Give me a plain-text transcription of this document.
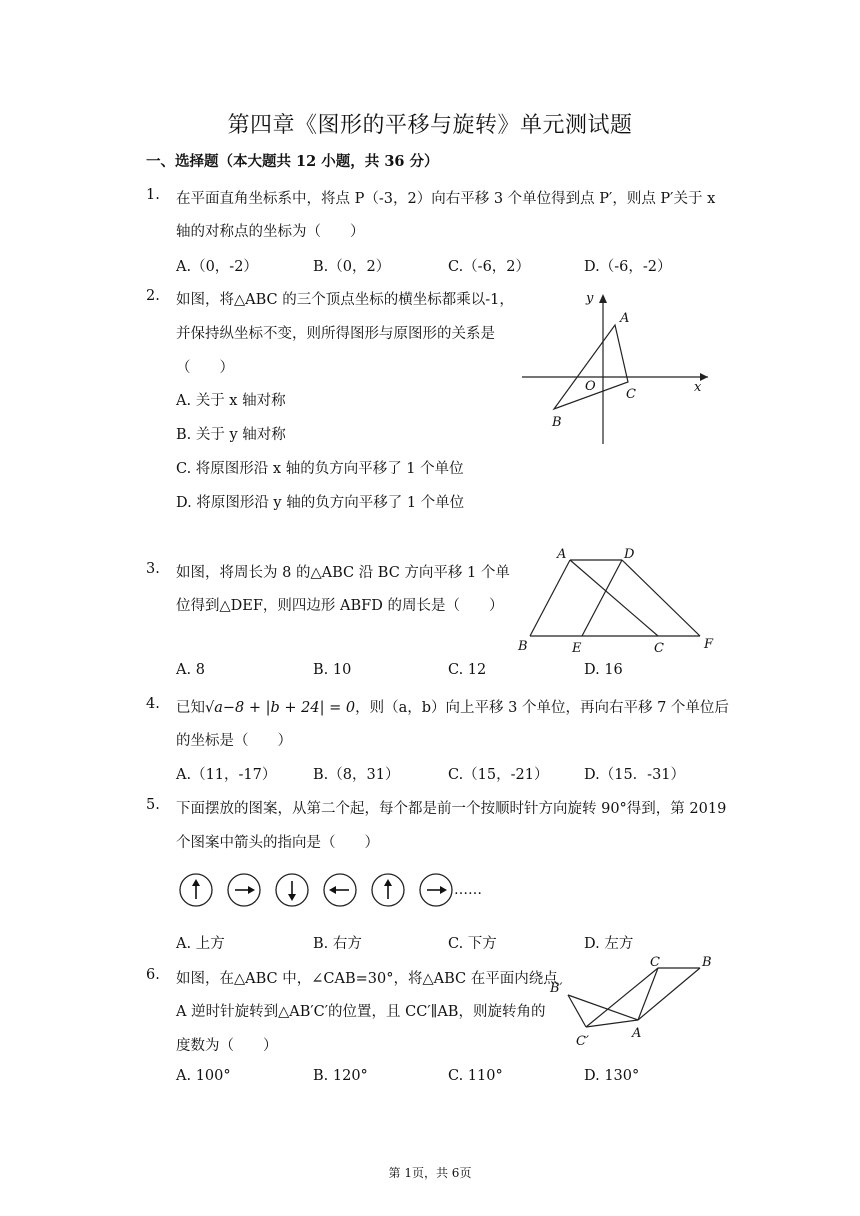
第四章《图形的平移与旋转》单元测试题
一、选择题（本大题共 12 小题，共 36 分）
1. 在平面直角坐标系中，将点 P（-3，2）向右平移 3 个单位得到点 P′，则点 P′关于 x
轴的对称点的坐标为（　　）
A.（0，-2）	B.（0，2）	C.（-6，2）	D.（-6，-2）
2. 如图，将△ABC 的三个顶点坐标的横坐标都乘以-1，
并保持纵坐标不变，则所得图形与原图形的关系是
（　　）
A. 关于 x 轴对称
B. 关于 y 轴对称
C. 将原图形沿 x 轴的负方向平移了 1 个单位
D. 将原图形沿 y 轴的负方向平移了 1 个单位
y
x
O
A
C
B
3. 如图，将周长为 8 的△ABC 沿 BC 方向平移 1 个单
位得到△DEF，则四边形 ABFD 的周长是（　　）
A. 8	B. 10	C. 12	D. 16
A	D
B	E	C	F
4. 已知√a−8 + |b + 24| = 0，则（a，b）向上平移 3 个单位，再向右平移 7 个单位后
的坐标是（　　）
A.（11，-17）	B.（8，31）	C.（15，-21） D.（15．-31）
5. 下面摆放的图案，从第二个起，每个都是前一个按顺时针方向旋转 90°得到，第 2019
个图案中箭头的指向是（　　）
……
A. 上方	B. 右方	C. 下方	D. 左方
6. 如图，在△ABC 中，∠CAB=30°，将△ABC 在平面内绕点
A 逆时针旋转到△AB′C′的位置，且 CC′∥AB，则旋转角的
度数为（　　）
A. 100°	B. 120°	C. 110°	D. 130°
C	B
B′
C′
A
第 1页，共 6页
